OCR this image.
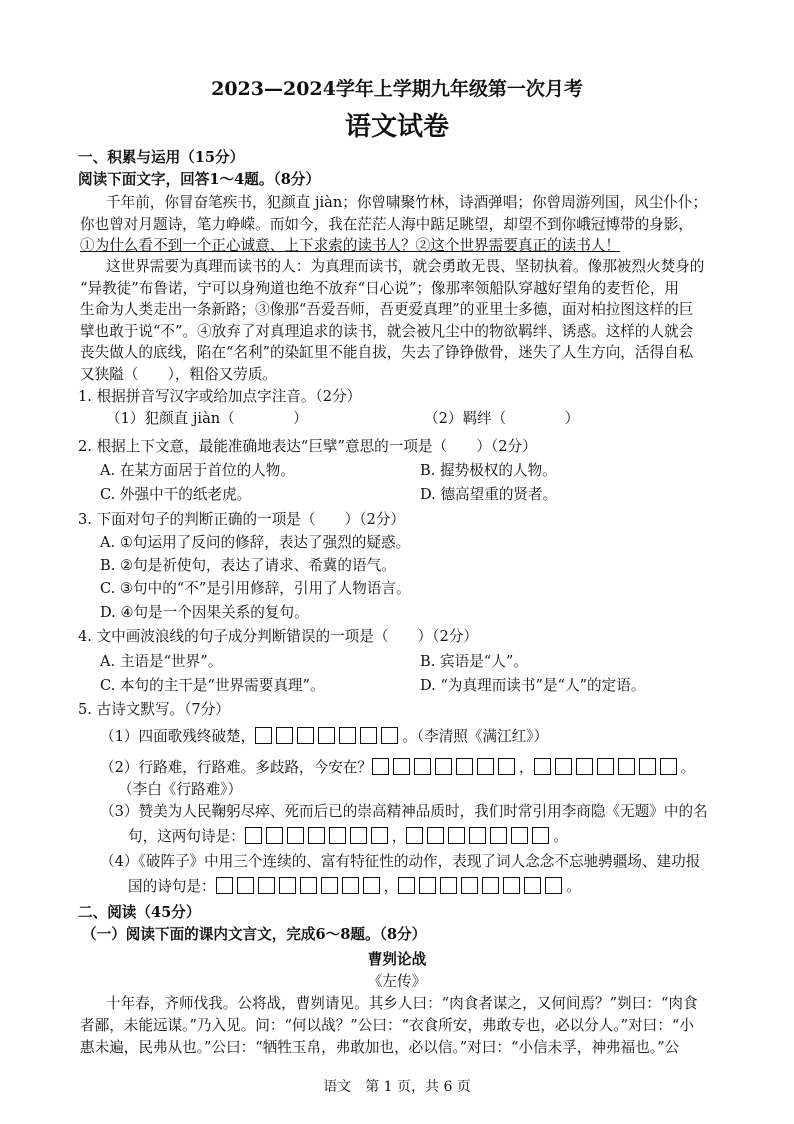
2023—2024学年上学期九年级第一次月考
语文试卷
一、积累与运用（15分）
阅读下面文字，回答1～4题。（8分）
千年前，你冒奋笔疾书，犯颜直 jiàn；你曾啸聚竹林，诗酒弹唱；你曾周游列国，风尘仆仆；
你也曾对月题诗，笔力峥嵘。而如今，我在茫茫人海中踮足眺望，却望不到你峨冠博带的身影，
①为什么看不到一个正心诚意、上下求索的读书人？②这个世界需要真正的读书人！
这世界需要为真理而读书的人：为真理而读书，就会勇敢无畏、坚韧执着。像那被烈火焚身的
“异教徒”布鲁诺，宁可以身殉道也绝不放弃“日心说”；像那率领船队穿越好望角的麦哲伦，用
生命为人类走出一条新路；③像那“吾爱吾师，吾更爱真理”的亚里士多德，面对柏拉图这样的巨
擘也敢于说“不”。④放弃了对真理追求的读书，就会被凡尘中的物欲羁绊、诱惑。这样的人就会
丧失做人的底线，陷在“名利”的染缸里不能自拔，失去了铮铮傲骨，迷失了人生方向，活得自私
又狭隘（　　），粗俗又劳质。
1. 根据拼音写汉字或给加点字注音。（2分）
（1）犯颜直 jiàn（　　　　）	（2）羁绊（　　　　）
2. 根据上下文意，最能准确地表达“巨擘”意思的一项是（　　）（2分）
A. 在某方面居于首位的人物。	B. 握势极权的人物。
C. 外强中干的纸老虎。	D. 德高望重的贤者。
3. 下面对句子的判断正确的一项是（　　）（2分）
A. ①句运用了反问的修辞，表达了强烈的疑惑。
B. ②句是祈使句，表达了请求、希冀的语气。
C. ③句中的“不”是引用修辞，引用了人物语言。
D. ④句是一个因果关系的复句。
4. 文中画波浪线的句子成分判断错误的一项是（　　）（2分）
A. 主语是“世界”。	B. 宾语是“人”。
C. 本句的主干是“世界需要真理”。	D. “为真理而读书”是“人”的定语。
5. 古诗文默写。（7分）
（1）四面歌残终破楚，	。（李清照《满江红》）
（2）行路难，行路难。多歧路，今安在？	，	。
（李白《行路难》）
（3）赞美为人民鞠躬尽瘁、死而后已的崇高精神品质时，我们时常引用李商隐《无题》中的名
句，这两句诗是：	，	。
（4）《破阵子》中用三个连续的、富有特征性的动作，表现了词人念念不忘驰骋疆场、建功报
国的诗句是：	，	。
二、阅读（45分）
（一）阅读下面的课内文言文，完成6～8题。（8分）
曹刿论战
《左传》
十年春，齐师伐我。公将战，曹刿请见。其乡人曰：“肉食者谋之，又何间焉？”刿曰：“肉食
者鄙，未能远谋。”乃入见。问：“何以战？”公曰：“衣食所安，弗敢专也，必以分人。”对曰：“小
惠未遍，民弗从也。”公曰：“牺牲玉帛，弗敢加也，必以信。”对曰：“小信未孚，神弗福也。”公
语文　第 1 页，共 6 页
